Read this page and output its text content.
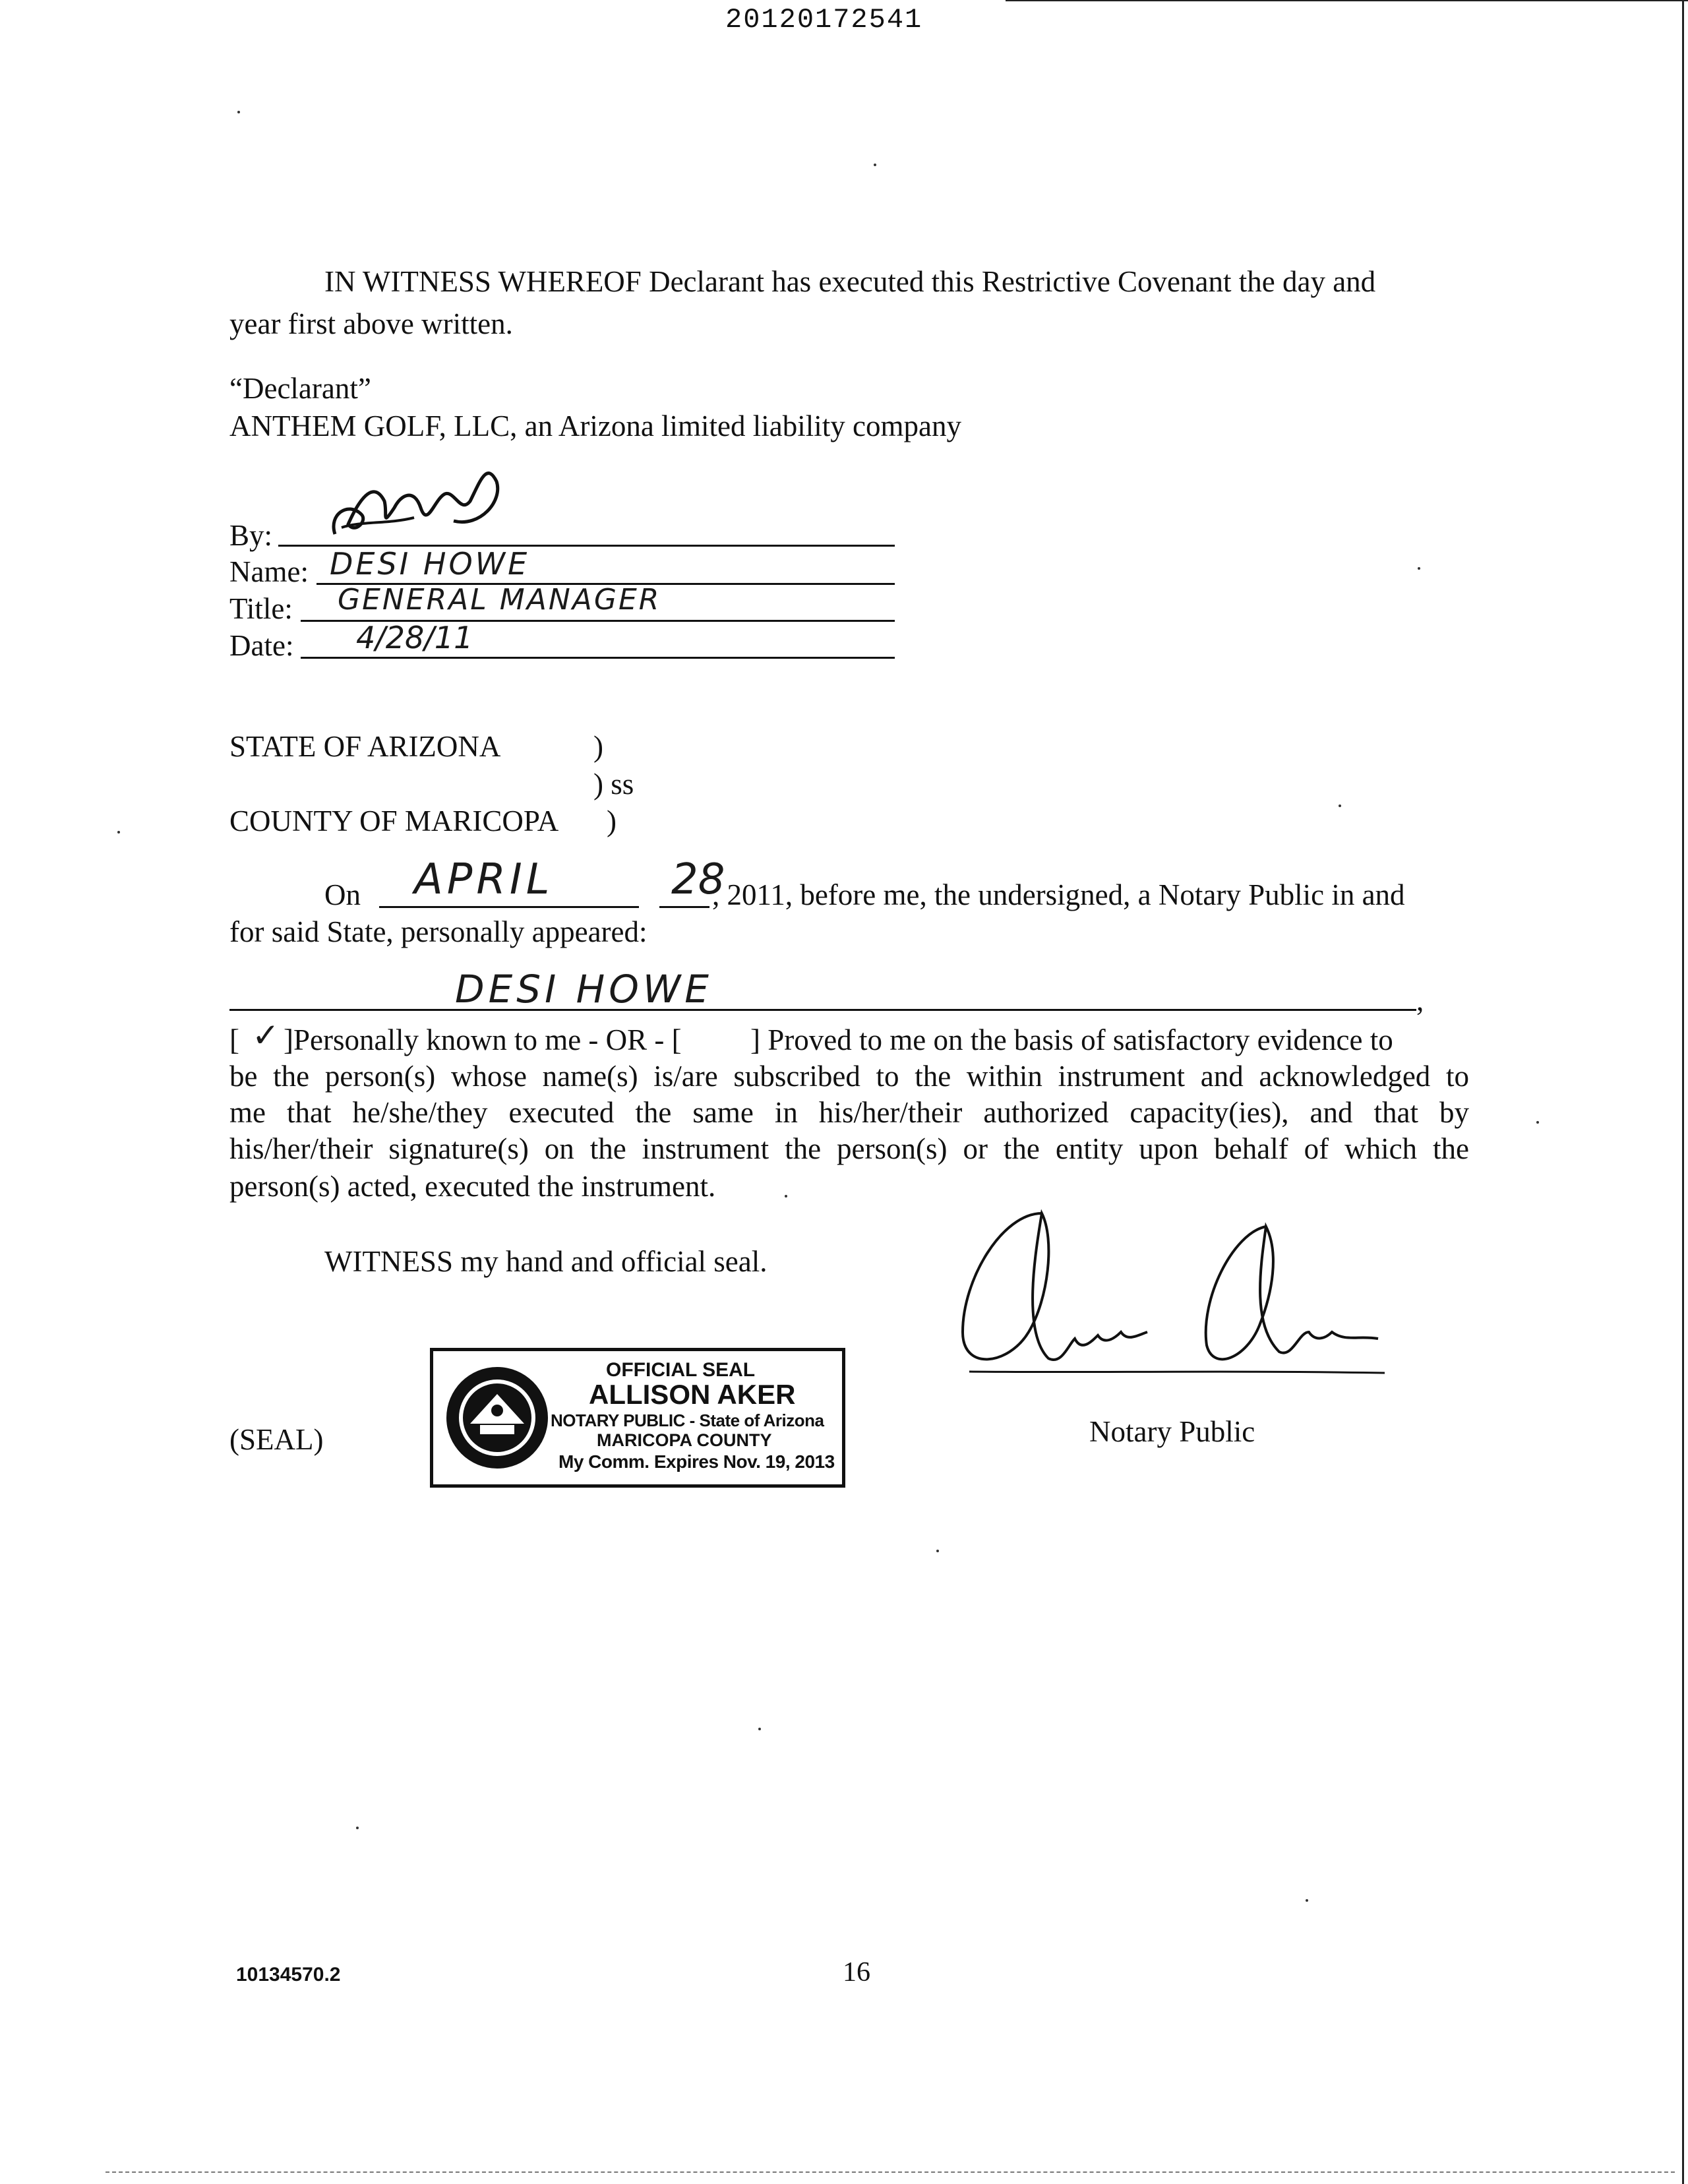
20120172541
IN WITNESS WHEREOF Declarant has executed this Restrictive Covenant the day and
year first above written.
“Declarant”
ANTHEM GOLF, LLC, an Arizona limited liability company
By:
Name: DESI HOWE
Title: GENERAL MANAGER
Date: 4/28/11
STATE OF ARIZONA	)
) ss
COUNTY OF MARICOPA )
On APRIL	28
, 2011, before me, the undersigned, a Notary Public in and
for said State, personally appeared:
DESI HOWE	,
[ ✓ ]Personally known to me - OR - [ ] Proved to me on the basis of satisfactory evidence to
be the person(s) whose name(s) is/are subscribed to the within instrument and acknowledged to
me that he/she/they executed the same in his/her/their authorized capacity(ies), and that by
his/her/their signature(s) on the instrument the person(s) or the entity upon behalf of which the
person(s) acted, executed the instrument.
WITNESS my hand and official seal.
(SEAL)
OFFICIAL SEAL
ALLISON AKER
NOTARY PUBLIC - State of Arizona
MARICOPA COUNTY
My Comm. Expires Nov. 19, 2013
Notary Public
10134570.2	16
